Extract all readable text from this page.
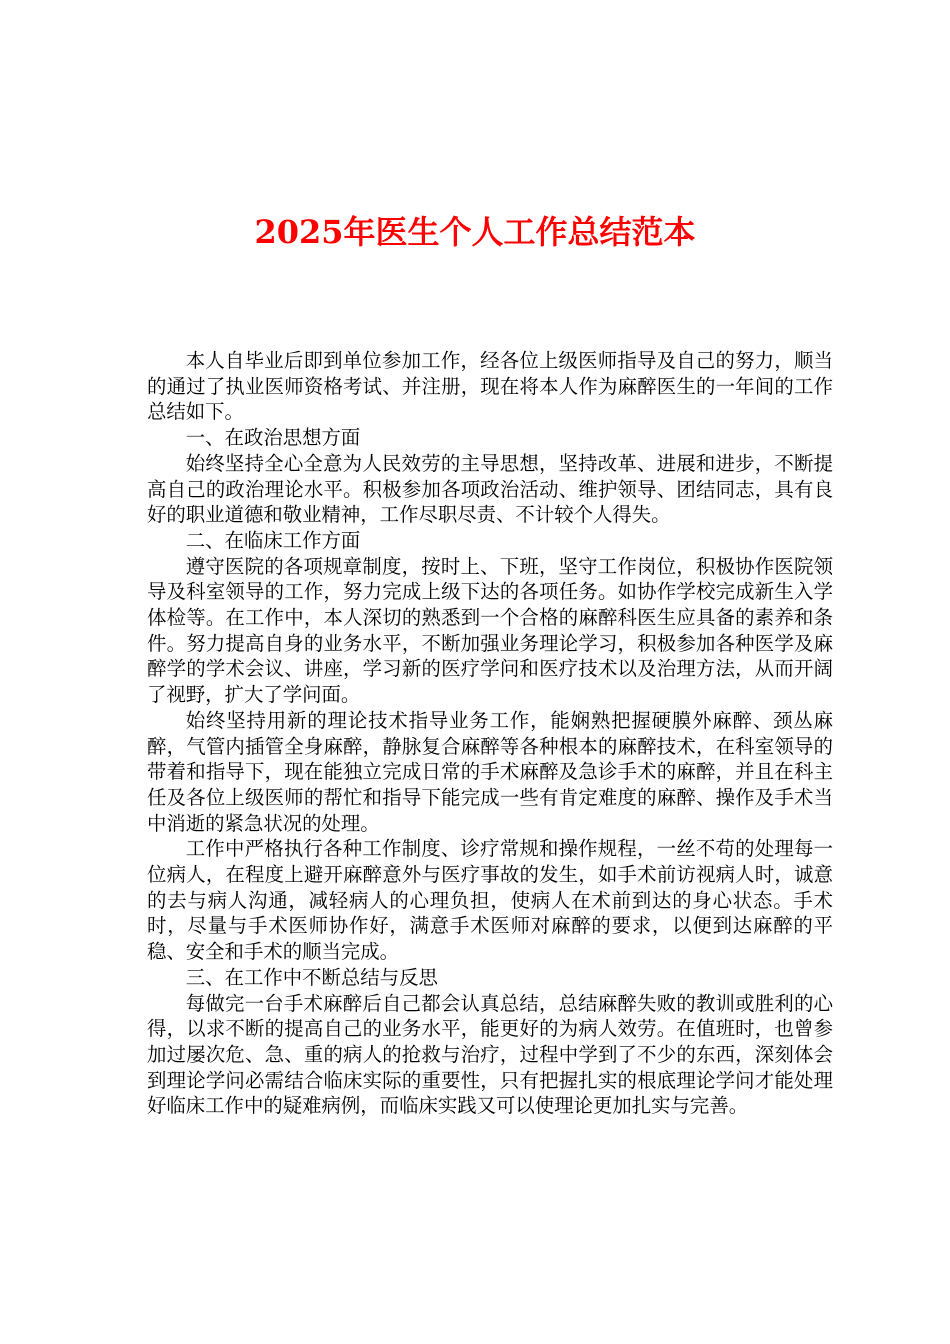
2025年医生个人工作总结范本

本人自毕业后即到单位参加工作，经各位上级医师指导及自己的努力，顺当的通过了执业医师资格考试、并注册，现在将本人作为麻醉医生的一年间的工作总结如下。

一、在政治思想方面

始终坚持全心全意为人民效劳的主导思想，坚持改革、进展和进步，不断提高自己的政治理论水平。积极参加各项政治活动、维护领导、团结同志，具有良好的职业道德和敬业精神，工作尽职尽责、不计较个人得失。

二、在临床工作方面

遵守医院的各项规章制度，按时上、下班，坚守工作岗位，积极协作医院领导及科室领导的工作，努力完成上级下达的各项任务。如协作学校完成新生入学体检等。在工作中，本人深切的熟悉到一个合格的麻醉科医生应具备的素养和条件。努力提高自身的业务水平，不断加强业务理论学习，积极参加各种医学及麻醉学的学术会议、讲座，学习新的医疗学问和医疗技术以及治理方法，从而开阔了视野，扩大了学问面。

始终坚持用新的理论技术指导业务工作，能娴熟把握硬膜外麻醉、颈丛麻醉，气管内插管全身麻醉，静脉复合麻醉等各种根本的麻醉技术，在科室领导的带着和指导下，现在能独立完成日常的手术麻醉及急诊手术的麻醉，并且在科主任及各位上级医师的帮忙和指导下能完成一些有肯定难度的麻醉、操作及手术当中消逝的紧急状况的处理。

工作中严格执行各种工作制度、诊疗常规和操作规程，一丝不苟的处理每一位病人，在程度上避开麻醉意外与医疗事故的发生，如手术前访视病人时，诚意的去与病人沟通，减轻病人的心理负担，使病人在术前到达的身心状态。手术时，尽量与手术医师协作好，满意手术医师对麻醉的要求，以便到达麻醉的平稳、安全和手术的顺当完成。

三、在工作中不断总结与反思

每做完一台手术麻醉后自己都会认真总结，总结麻醉失败的教训或胜利的心得，以求不断的提高自己的业务水平，能更好的为病人效劳。在值班时，也曾参加过屡次危、急、重的病人的抢救与治疗，过程中学到了不少的东西，深刻体会到理论学问必需结合临床实际的重要性，只有把握扎实的根底理论学问才能处理好临床工作中的疑难病例，而临床实践又可以使理论更加扎实与完善。
